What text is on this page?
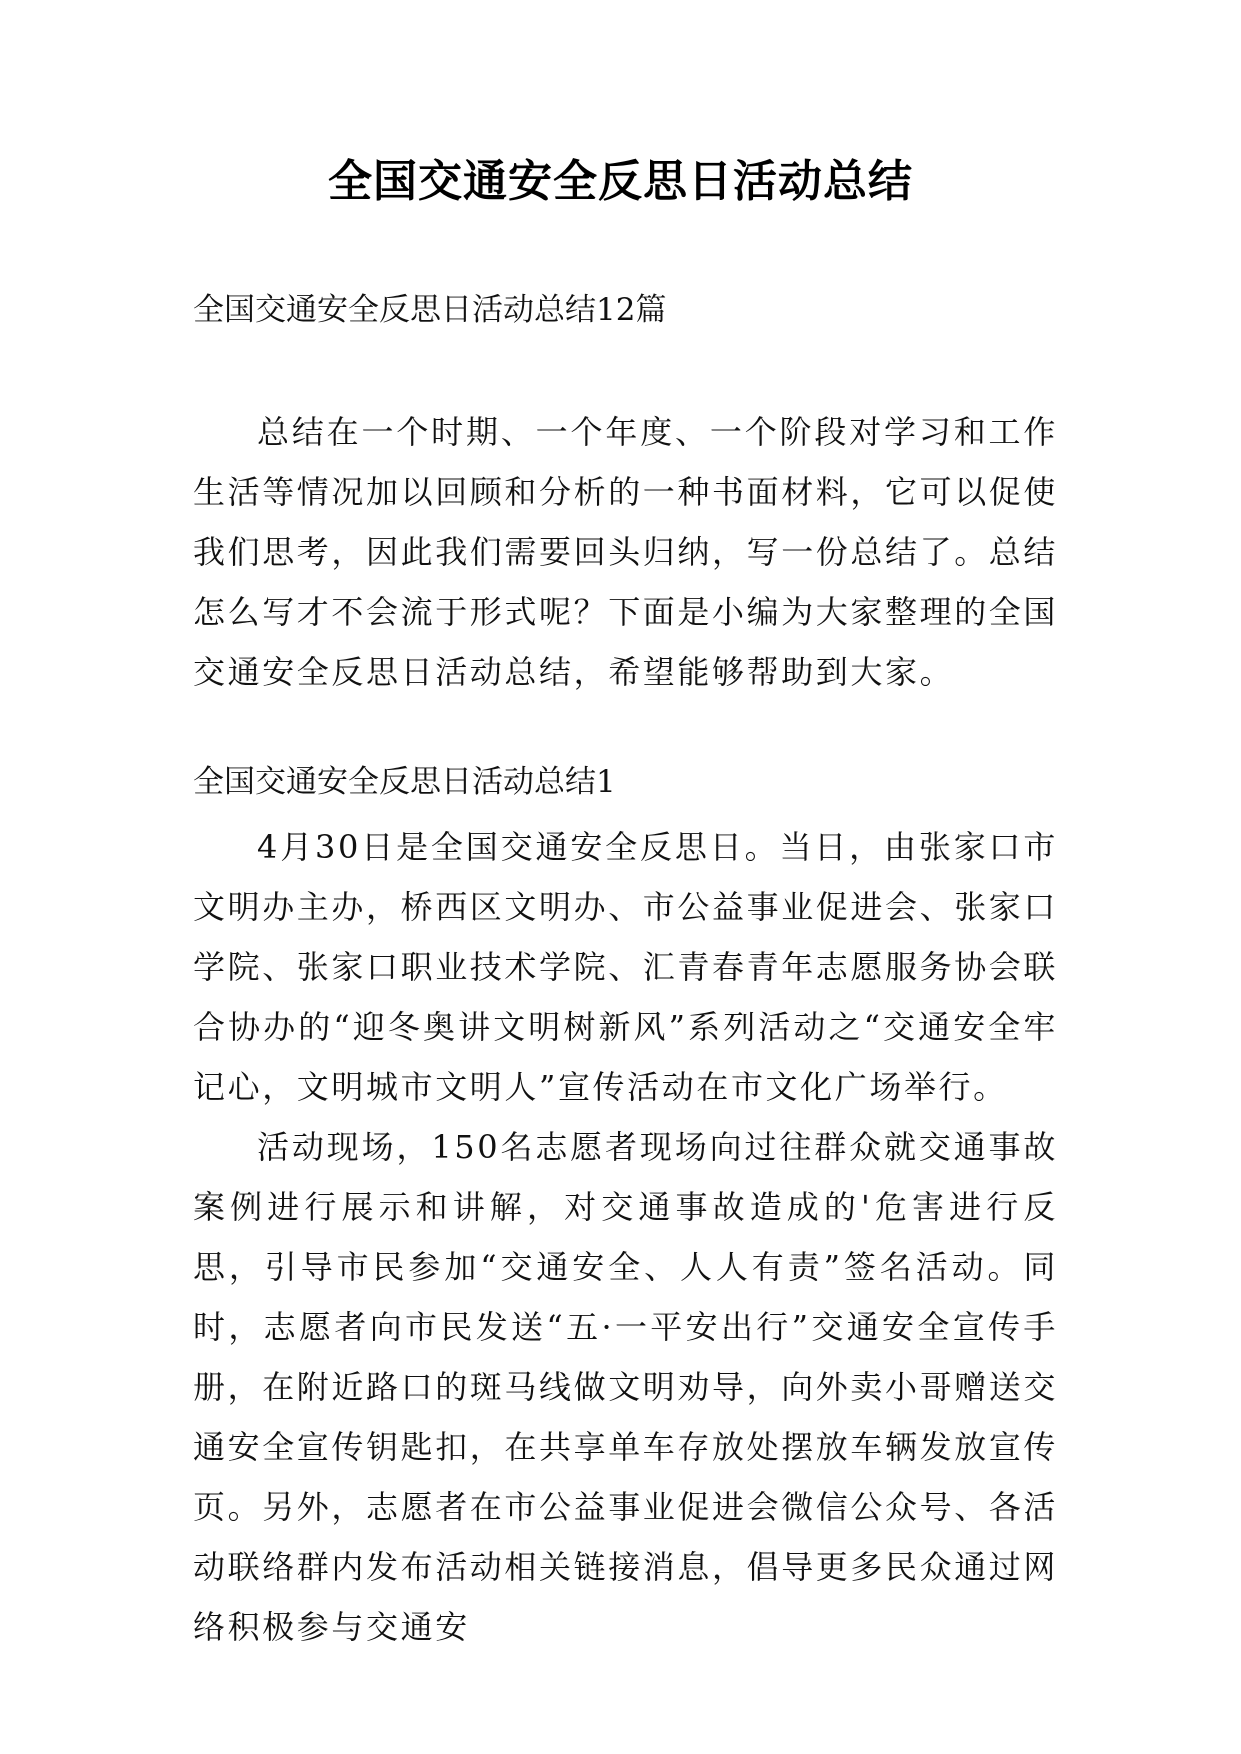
全国交通安全反思日活动总结
全国交通安全反思日活动总结12篇

总结在一个时期、一个年度、一个阶段对学习和工作生活等情况加以回顾和分析的一种书面材料，它可以促使我们思考，因此我们需要回头归纳，写一份总结了。总结怎么写才不会流于形式呢？下面是小编为大家整理的全国交通安全反思日活动总结，希望能够帮助到大家。

全国交通安全反思日活动总结1

4月30日是全国交通安全反思日。当日，由张家口市文明办主办，桥西区文明办、市公益事业促进会、张家口学院、张家口职业技术学院、汇青春青年志愿服务协会联合协办的“迎冬奥讲文明树新风”系列活动之“交通安全牢记心，文明城市文明人”宣传活动在市文化广场举行。

活动现场，150名志愿者现场向过往群众就交通事故案例进行展示和讲解，对交通事故造成的'危害进行反思，引导市民参加“交通安全、人人有责”签名活动。同时，志愿者向市民发送“五·一平安出行”交通安全宣传手册，在附近路口的斑马线做文明劝导，向外卖小哥赠送交通安全宣传钥匙扣，在共享单车存放处摆放车辆发放宣传页。另外，志愿者在市公益事业促进会微信公众号、各活动联络群内发布活动相关链接消息，倡导更多民众通过网络积极参与交通安
